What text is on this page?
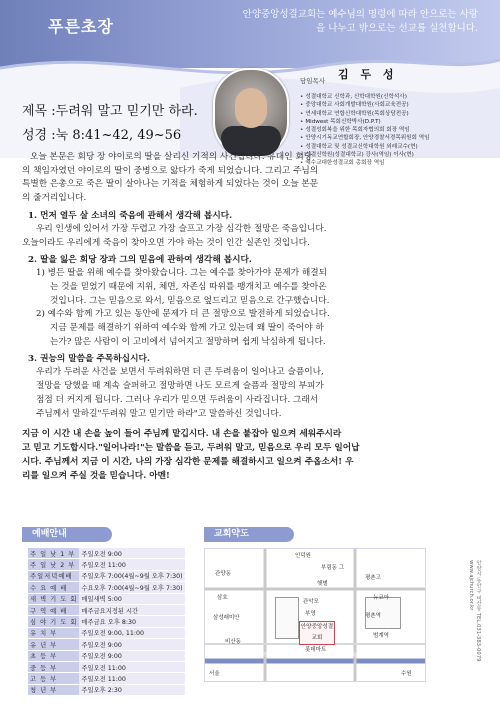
푸른초장
안양중앙성결교회는 예수님의 명령에 따라 안으로는 사랑을 나누고 밖으로는 선교를 실천합니다.
담임목사 김 두 성
• 성결대학교 신학과, 신학대학원(신학석사)
• 중앙대학교 사회개발대학원(사회교육전공)
• 연세대학교 연합신학대학원(목회상담전공)
• Midwest 목회신학박사(D.P.T)
• 성결성회복을 위한 목회자협의회 회장 역임
• 안양시기독교연합회장, 안양경찰서경목위원회 역임
• 성결대학교 및 성결교신학대학원 외래교수(현)
• 성결신학원(성결대학교) 강사(역임) 이사(현)
• 예수교대한성결교회 총회장 역임
제목 :두려워 말고 믿기만 하라.
성경 :눅 8:41~42, 49~56
오늘 본문은 회당 장 야이로의 딸을 살리신 기적의 사건입니다. 유대인 회당
의 책임자였던 야이로의 딸이 중병으로 앓다가 죽게 되었습니다. 그리고 주님의
특별한 은총으로 죽은 딸이 살아나는 기적을 체험하게 되었다는 것이 오늘 본문
의 줄거리입니다.
1. 먼저 열두 살 소녀의 죽음에 관해서 생각해 봅시다.
우리 인생에 있어서 가장 두렵고 가장 슬프고 가장 심각한 절망은 죽음입니다.
오늘이라도 우리에게 죽음이 찾아오면 가야 하는 것이 인간 실존인 것입니다.
2. 딸을 잃은 회당 장과 그의 믿음에 관하여 생각해 봅시다.
1) 병든 딸을 위해 예수를 찾아왔습니다. 그는 예수를 찾아가야 문제가 해결되
는 것을 믿었기 때문에 지위, 체면, 자존심 따위를 팽개치고 예수를 찾아온
것입니다. 그는 믿음으로 와서, 믿음으로 엎드리고 믿음으로 간구했습니다.
2) 예수와 함께 가고 있는 동안에 문제가 더 큰 절망으로 발전하게 되었습니다.
지금 문제를 해결하기 위하여 예수와 함께 가고 있는데 왜 딸이 죽어야 하
는가? 많은 사람이 이 고비에서 넘어지고 절망하며 쉽게 낙심하게 됩니다.
3. 권능의 말씀을 주목하십시다.
우리가 두려운 사건을 보면서 두려워하면 더 큰 두려움이 일어나고 슬픔이나,
절망을 당했을 때 계속 슬퍼하고 절망하면 나도 모르게 슬픔과 절망의 부피가
점점 더 커지게 됩니다. 그러나 우리가 믿으면 두려움이 사라집니다. 그래서
주님께서 말하길"두려워 말고 믿기만 하라"고 말씀하신 것입니다.
지금 이 시간 내 손을 높이 들어 주님께 맡깁시다. 내 손을 붙잡아 일으켜 세워주시라
고 믿고 기도합시다."일어나라!"는 말씀을 듣고, 두려워 말고, 믿음으로 우리 모두 일어납
시다. 주님께서 지금 이 시간, 나의 가장 심각한 문제를 해결하시고 일으켜 주옵소서! 우
리를 일으켜 주실 것을 믿습니다. 아멘!
예배안내
주 일 낮 1 부	주일오전 9:00
주 일 낮 2 부	주일오전 11:00
주일저녁예배	주일오후 7:00(4월~9월 오후 7:30)
수 요 예 배	수요오후 7:00(4월~9월 오후 7:30)
새 벽 기 도 회	매일새벽 5:00
구 역 예 배	매주금요지정된 시간
심 야 기 도 회	매주금요 오후 8:30
유 치 부	주일오전 9:00, 11:00
유 년 부	주일오전 9:00
초 등 부	주일오전 9:00
중 등 부	주일오전 11:00
고 등 부	주일오전 11:00
청 년 부	주일오후 2:30
교회약도
인덕원
부림동 그
관양동
햇별
평촌고
삼호
관악모
뉴코아
삼성래미안
부영	평촌역
안양중앙성결교회
롯데마트
비산동
범계역
비산동사거리	평촌공원
서울	수원
안양시 동안구 비산동 TEL.031-383-0079 www.ajchurch.or.kr
